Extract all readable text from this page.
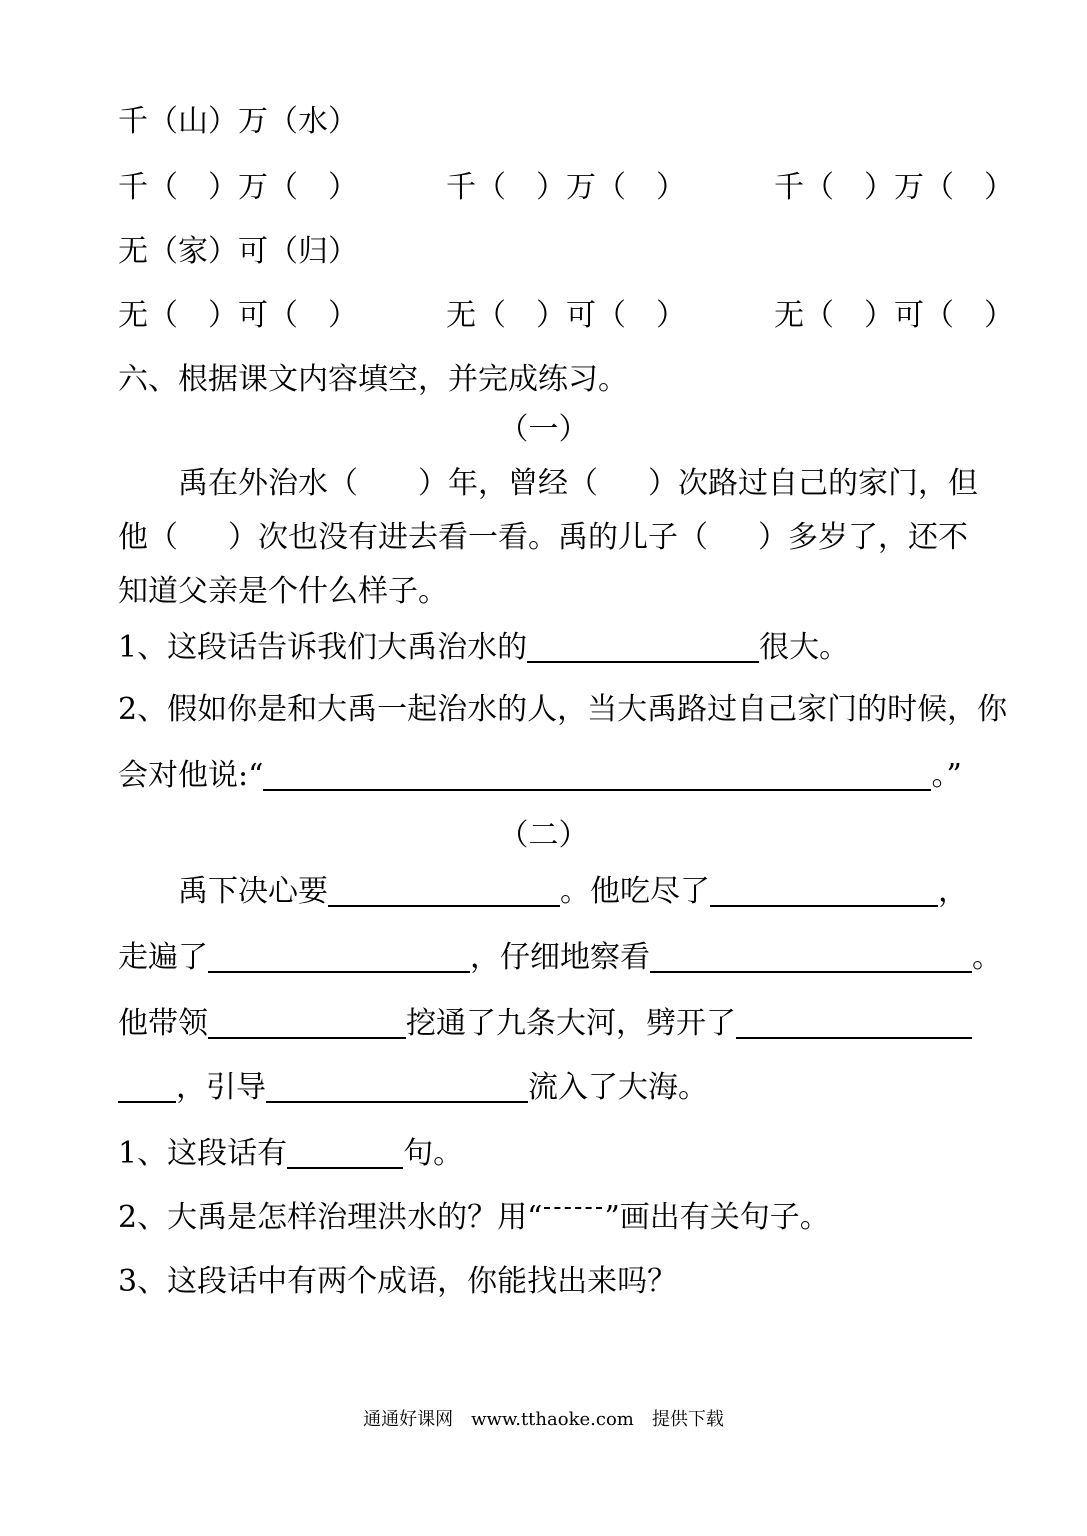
千（山）万（水）
千（　）万（　）	千（　）万（　）	千（　）万（　）
无（家）可（归）
无（　）可（　）	无（　）可（　）	无（　）可（　）
六、根据课文内容填空，并完成练习。
（一）
禹在外治水（ ）年，曾经（ ）次路过自己的家门，但
他（ ）次也没有进去看一看。禹的儿子（ ）多岁了，还不
知道父亲是个什么样子。
1、这段话告诉我们大禹治水的	很大。
2、假如你是和大禹一起治水的人，当大禹路过自己家门的时候，你
会对他说:“	。”
（二）
禹下决心要	。他吃尽了	，
走遍了	，仔细地察看	。
他带领	挖通了九条大河，劈开了
，引导	流入了大海。
1、这段话有	句。
2、大禹是怎样治理洪水的？用“ ”画出有关句子。
3、这段话中有两个成语，你能找出来吗？
通通好课网　www.tthaoke.com　提供下载
